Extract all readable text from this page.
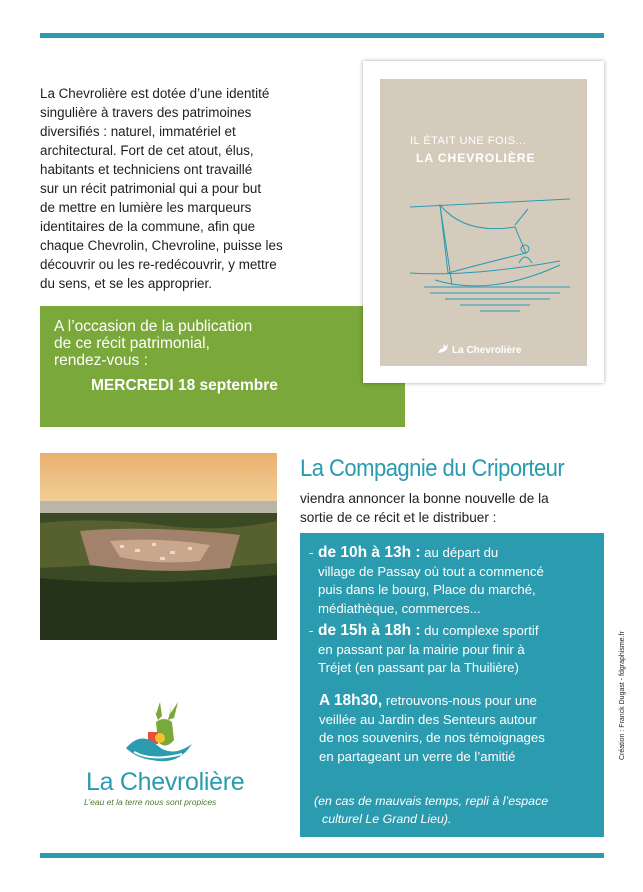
La Chevrolière est dotée d’une identité
singulière à travers des patrimoines
diversifiés : naturel, immatériel et
architectural. Fort de cet atout, élus,
habitants et techniciens ont travaillé
sur un récit patrimonial qui a pour but
de mettre en lumière les marqueurs
identitaires de la commune, afin que
chaque Chevrolin, Chevroline, puisse les
découvrir ou les re-redécouvrir, y mettre
du sens, et se les approprier.
A l’occasion de la publication
de ce récit patrimonial,
rendez-vous :
MERCREDI 18 septembre
IL ÉTAIT UNE FOIS...
LA CHEVROLIÈRE
La Chevrolière
La Chevrolière
L’eau et la terre nous sont propices
La Compagnie du Criporteur
viendra annoncer la bonne nouvelle de la
sortie de ce récit et le distribuer :
- de 10h à 13h : au départ du
village de Passay où tout a commencé
puis dans le bourg, Place du marché,
médiathèque, commerces...
- de 15h à 18h : du complexe sportif
en passant par la mairie pour finir à
Tréjet (en passant par la Thuilière)
A 18h30, retrouvons-nous pour une
veillée au Jardin des Senteurs autour
de nos souvenirs, de nos témoignages
en partageant un verre de l’amitié
(en cas de mauvais temps, repli à l’espace
culturel Le Grand Lieu).
Création : Franck Dugast - fdgraphisme.fr
